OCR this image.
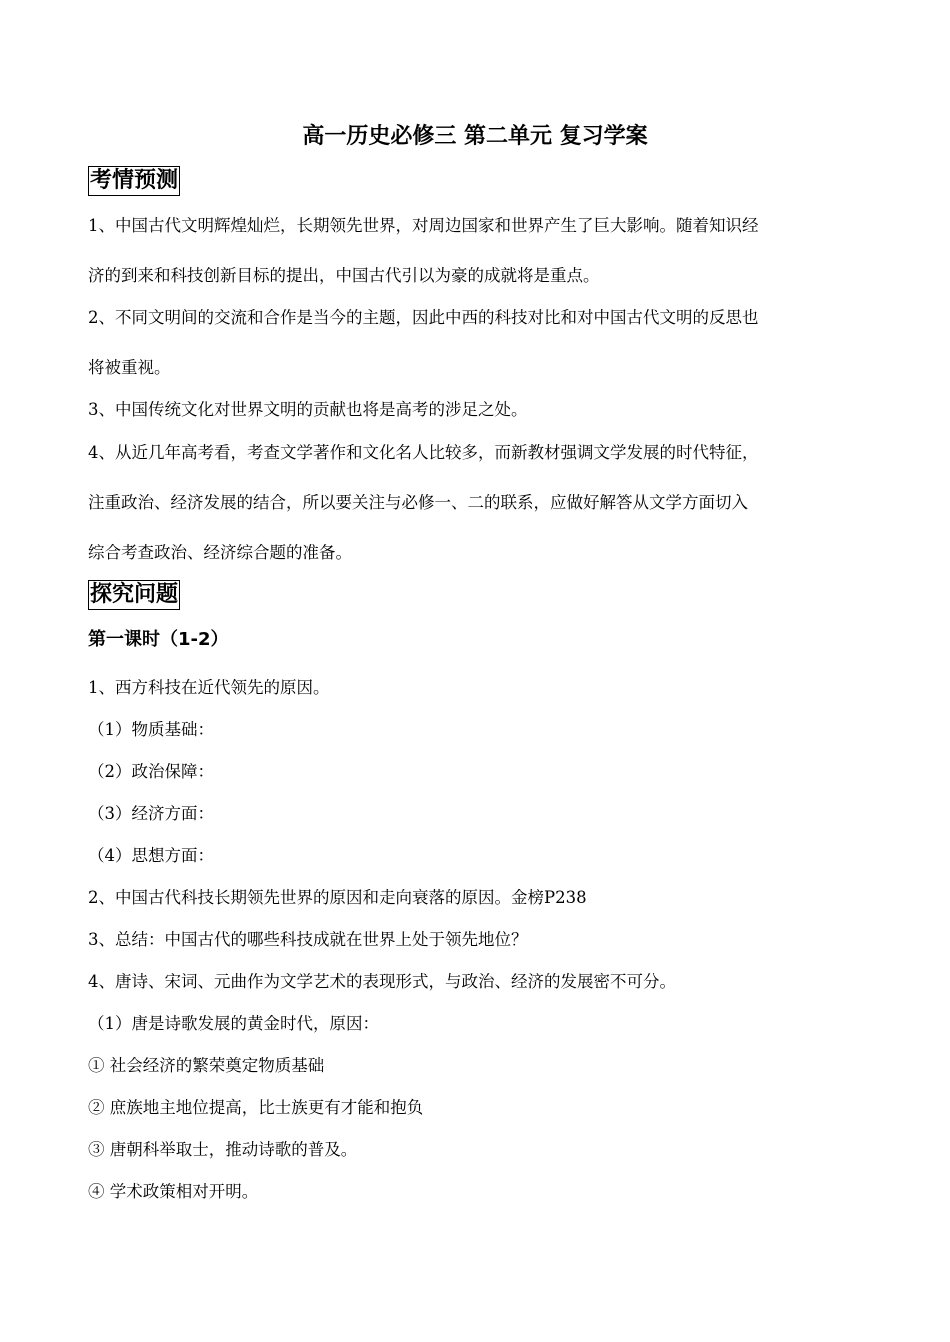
高一历史必修三 第二单元 复习学案
考情预测
1、中国古代文明辉煌灿烂，长期领先世界，对周边国家和世界产生了巨大影响。随着知识经
济的到来和科技创新目标的提出，中国古代引以为豪的成就将是重点。
2、不同文明间的交流和合作是当今的主题，因此中西的科技对比和对中国古代文明的反思也
将被重视。
3、中国传统文化对世界文明的贡献也将是高考的涉足之处。
4、从近几年高考看，考查文学著作和文化名人比较多，而新教材强调文学发展的时代特征，
注重政治、经济发展的结合，所以要关注与必修一、二的联系，应做好解答从文学方面切入
综合考查政治、经济综合题的准备。
探究问题
第一课时（1-2）
1、西方科技在近代领先的原因。
（1）物质基础：
（2）政治保障：
（3）经济方面：
（4）思想方面：
2、中国古代科技长期领先世界的原因和走向衰落的原因。金榜P238
3、总结：中国古代的哪些科技成就在世界上处于领先地位？
4、唐诗、宋词、元曲作为文学艺术的表现形式，与政治、经济的发展密不可分。
（1）唐是诗歌发展的黄金时代，原因：
① 社会经济的繁荣奠定物质基础
② 庶族地主地位提高，比士族更有才能和抱负
③ 唐朝科举取士，推动诗歌的普及。
④ 学术政策相对开明。
